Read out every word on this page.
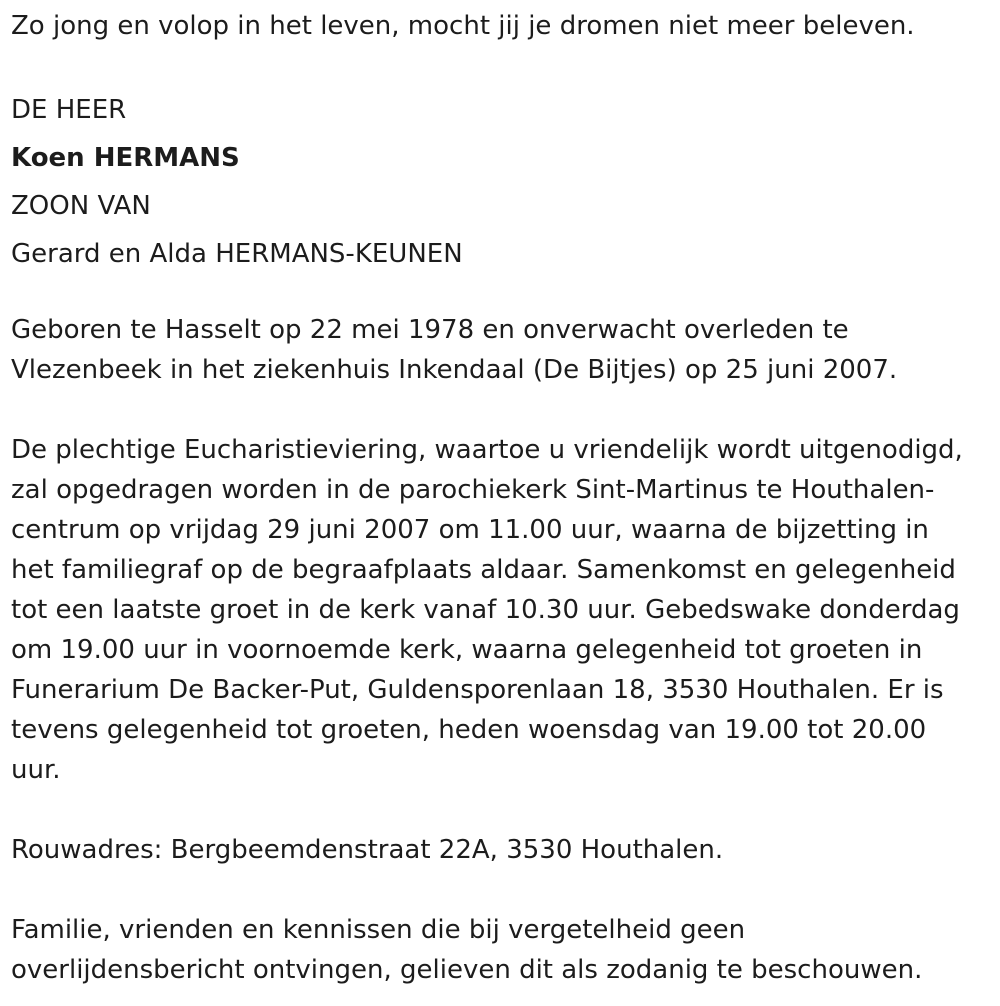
Zo jong en volop in het leven, mocht jij je dromen niet meer beleven.

DE HEER

Koen HERMANS

ZOON VAN

Gerard en Alda HERMANS-KEUNEN

Geboren te Hasselt op 22 mei 1978 en onverwacht overleden te

Vlezenbeek in het ziekenhuis Inkendaal (De Bijtjes) op 25 juni 2007.

De plechtige Eucharistieviering, waartoe u vriendelijk wordt uitgenodigd,

zal opgedragen worden in de parochiekerk Sint-Martinus te Houthalen-

centrum op vrijdag 29 juni 2007 om 11.00 uur, waarna de bijzetting in

het familiegraf op de begraafplaats aldaar. Samenkomst en gelegenheid

tot een laatste groet in de kerk vanaf 10.30 uur. Gebedswake donderdag

om 19.00 uur in voornoemde kerk, waarna gelegenheid tot groeten in

Funerarium De Backer-Put, Guldensporenlaan 18, 3530 Houthalen. Er is

tevens gelegenheid tot groeten, heden woensdag van 19.00 tot 20.00

uur.

Rouwadres: Bergbeemdenstraat 22A, 3530 Houthalen.

Familie, vrienden en kennissen die bij vergetelheid geen

overlijdensbericht ontvingen, gelieven dit als zodanig te beschouwen.
